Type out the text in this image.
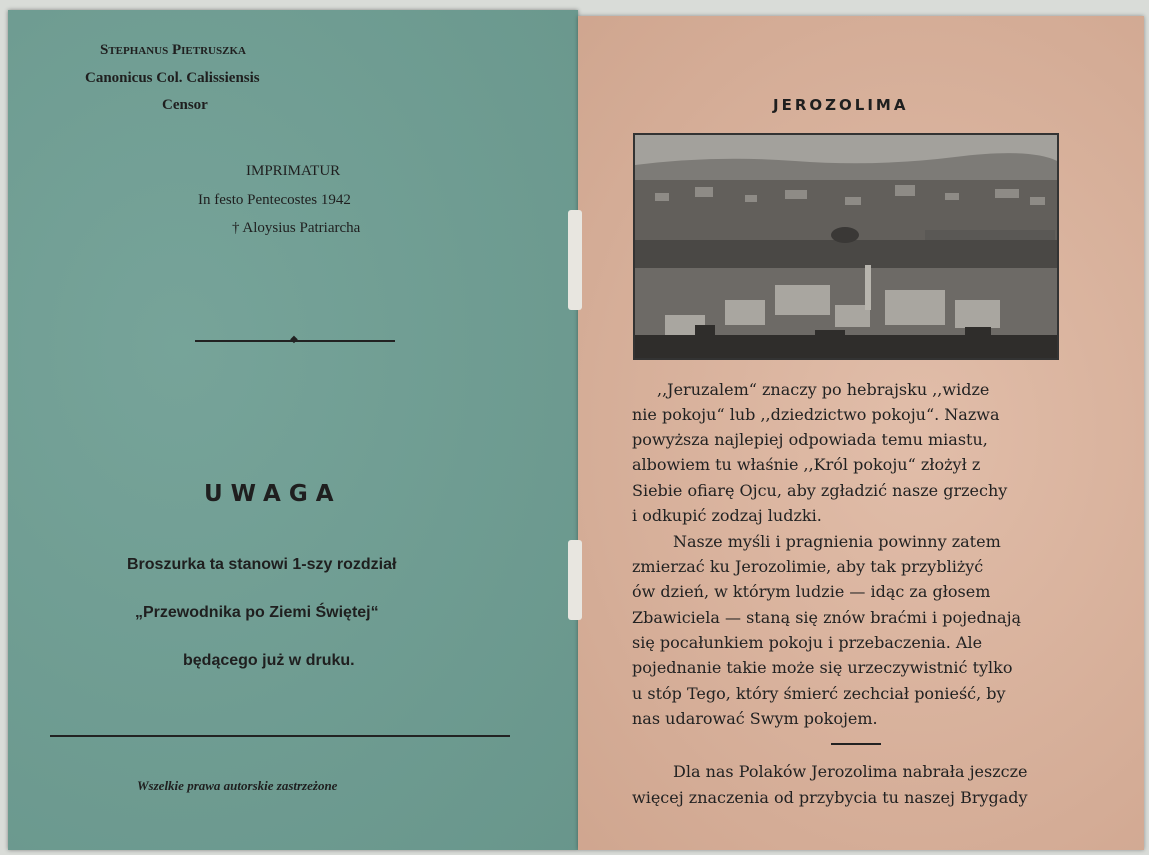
Stephanus Pietruszka
Canonicus Col. Calissiensis
Censor
IMPRIMATUR
In festo Pentecostes 1942
† Aloysius Patriarcha
◆
UWAGA
Broszurka ta stanowi 1-szy rozdział
„Przewodnika po Ziemi Świętej“
będącego już w druku.
Wszelkie prawa autorskie zastrzeżone
JEROZOLIMA
,,Jeruzalem“ znaczy po hebrajsku ,,widze
nie pokoju“ lub ,,dziedzictwo pokoju“. Nazwa
powyższa najlepiej odpowiada temu miastu,
albowiem tu właśnie ,,Król pokoju“ złożył z
Siebie ofiarę Ojcu, aby zgładzić nasze grzechy
i odkupić zodzaj ludzki.
Nasze myśli i pragnienia powinny zatem
zmierzać ku Jerozolimie, aby tak przybliżyć
ów dzień, w którym ludzie — idąc za głosem
Zbawiciela — staną się znów braćmi i pojednają
się pocałunkiem pokoju i przebaczenia. Ale
pojednanie takie może się urzeczywistnić tylko
u stóp Tego, który śmierć zechciał ponieść, by
nas udarować Swym pokojem.
Dla nas Polaków Jerozolima nabrała jeszcze
więcej znaczenia od przybycia tu naszej Brygady
